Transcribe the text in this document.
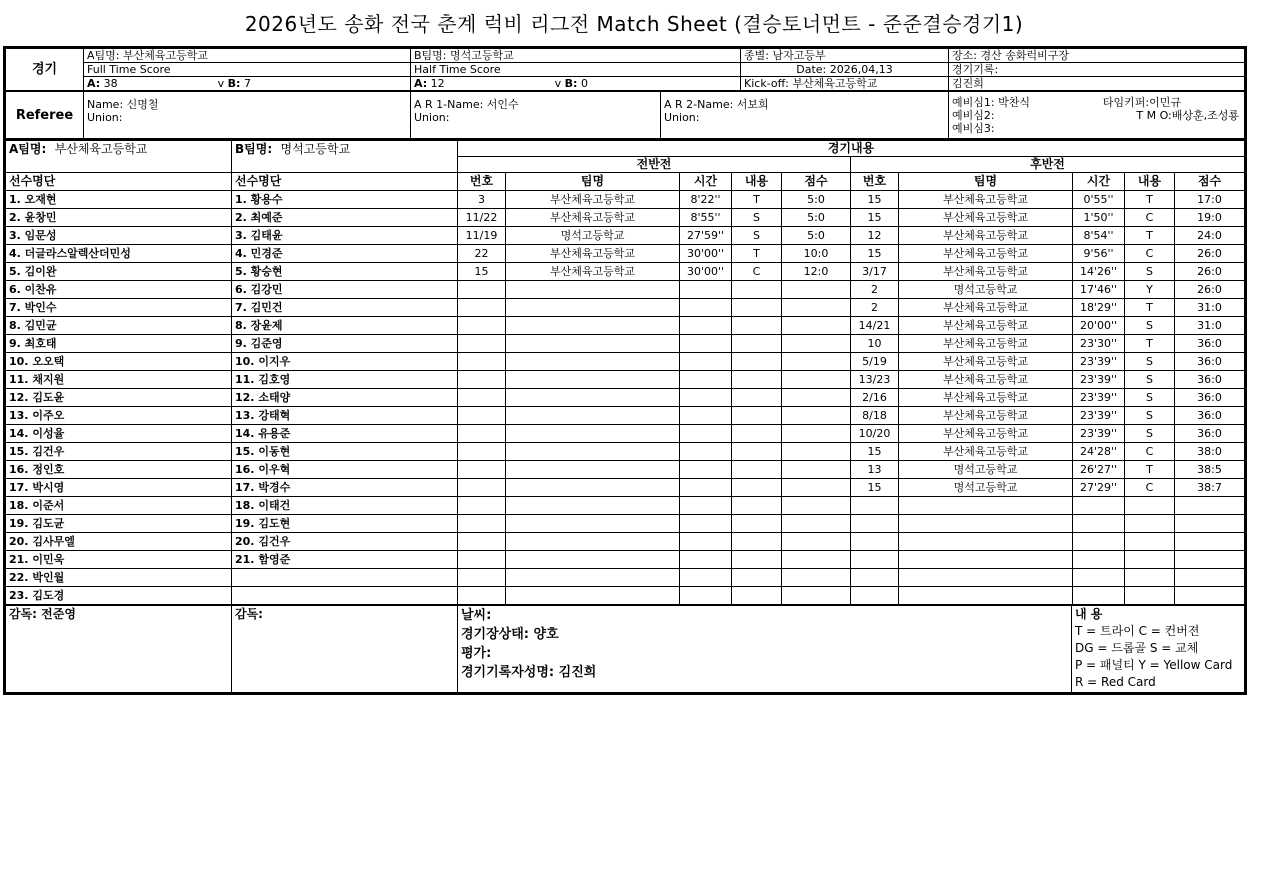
2026년도 송화 전국 춘계 럭비 리그전 Match Sheet (결승토너먼트 - 준준결승경기1)
경기	A팀명: 부산체육고등학교	B팀명: 명석고등학교	종별: 남자고등부	장소: 경산 송화럭비구장
	Full Time Score	Half Time Score	Date: 2026,04,13	경기기록:
	A: 38 v B: 7	A: 12 v B: 0	Kick-off: 부산체육고등학교	김진희
Referee	
Name: 신명철
Union:

A R 1-Name: 서인수
Union:

A R 2-Name: 서보희
Union:

예비심1: 박찬식	타임키퍼:이민규
예비심2:	T M O:배상훈,조성룡
예비심3:
A팀명: 부산체육고등학교	B팀명: 명석고등학교	경기내용									
		전반전					후반전				
선수명단	선수명단	번호	팀명	시간	내용	점수	번호	팀명	시간	내용	점수
1. 오재현	1. 황용수	3	부산체육고등학교	8'22''	T	5:0	15	부산체육고등학교	0'55''	T	17:0
2. 윤창민	2. 최예준	11/22	부산체육고등학교	8'55''	S	5:0	15	부산체육고등학교	1'50''	C	19:0
3. 임문성	3. 김태윤	11/19	명석고등학교	27'59''	S	5:0	12	부산체육고등학교	8'54''	T	24:0
4. 더글라스알렉산더민성	4. 민경준	22	부산체육고등학교	30'00''	T	10:0	15	부산체육고등학교	9'56''	C	26:0
5. 김이완	5. 황승현	15	부산체육고등학교	30'00''	C	12:0	3/17	부산체육고등학교	14'26''	S	26:0
6. 이찬유	6. 김강민						2	명석고등학교	17'46''	Y	26:0
7. 박인수	7. 김민건						2	부산체육고등학교	18'29''	T	31:0
8. 김민균	8. 장윤제						14/21	부산체육고등학교	20'00''	S	31:0
9. 최호태	9. 김준영						10	부산체육고등학교	23'30''	T	36:0
10. 오오택	10. 이지우						5/19	부산체육고등학교	23'39''	S	36:0
11. 채지원	11. 김호영						13/23	부산체육고등학교	23'39''	S	36:0
12. 김도윤	12. 소태양						2/16	부산체육고등학교	23'39''	S	36:0
13. 이주오	13. 강태혁						8/18	부산체육고등학교	23'39''	S	36:0
14. 이성율	14. 유용준						10/20	부산체육고등학교	23'39''	S	36:0
15. 김건우	15. 이동현						15	부산체육고등학교	24'28''	C	38:0
16. 정인호	16. 이우혁						13	명석고등학교	26'27''	T	38:5
17. 박시영	17. 박경수						15	명석고등학교	27'29''	C	38:7
18. 이준서	18. 이태건										
19. 김도균	19. 김도현										
20. 김사무엘	20. 김건우										
21. 이민욱	21. 함영준										
22. 박인월											
23. 김도경											
감독: 전준영	감독:	날씨:
경기장상태: 양호
평가:
경기기록자성명: 김진희

내 용
T = 트라이 C = 컨버젼
DG = 드롭골 S = 교체
P = 패널티 Y = Yellow Card
R = Red Card
